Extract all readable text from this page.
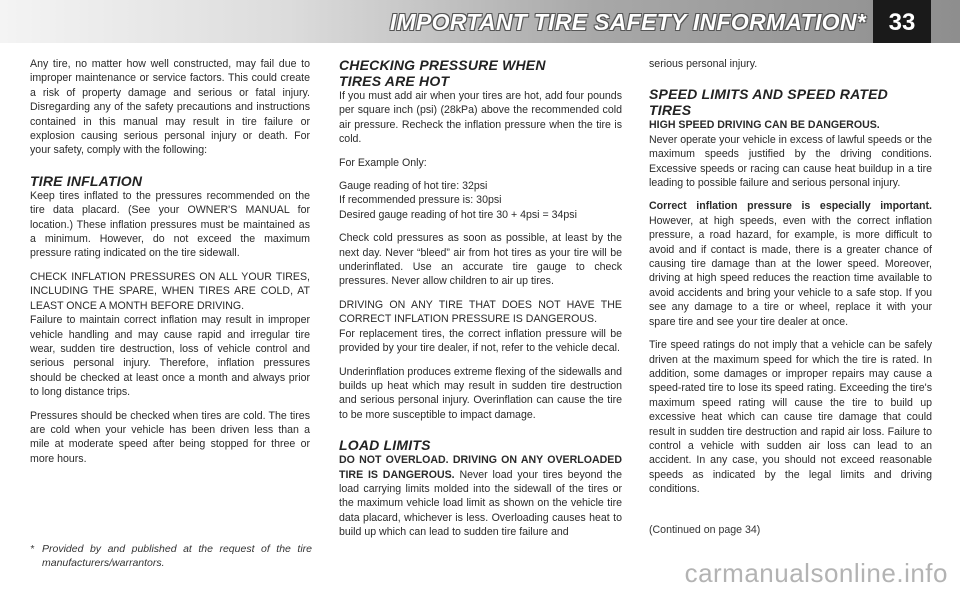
IMPORTANT TIRE SAFETY INFORMATION* 33

Any tire, no matter how well constructed, may fail due to improper maintenance or service factors. This could create a risk of property damage and serious or fatal injury. Disregarding any of the safety precautions and instructions contained in this manual may result in tire failure or explosion causing serious personal injury or death. For your safety, comply with the following:

TIRE INFLATION

Keep tires inflated to the pressures recommended on the tire data placard. (See your OWNER'S MANUAL for location.) These inflation pressures must be maintained as a minimum. However, do not exceed the maximum pressure rating indicated on the tire sidewall.

CHECK INFLATION PRESSURES ON ALL YOUR TIRES, INCLUDING THE SPARE, WHEN TIRES ARE COLD, AT LEAST ONCE A MONTH BEFORE DRIVING.

Failure to maintain correct inflation may result in improper vehicle handling and may cause rapid and irregular tire wear, sudden tire destruction, loss of vehicle control and serious personal injury. Therefore, inflation pressures should be checked at least once a month and always prior to long distance trips.

Pressures should be checked when tires are cold. The tires are cold when your vehicle has been driven less than a mile at moderate speed after being stopped for three or more hours.

CHECKING PRESSURE WHEN
TIRES ARE HOT

If you must add air when your tires are hot, add four pounds per square inch (psi) (28kPa) above the recommended cold air pressure. Recheck the inflation pressure when the tire is cold.

For Example Only:

Gauge reading of hot tire: 32psi

If recommended pressure is: 30psi

Desired gauge reading of hot tire 30 + 4psi = 34psi

Check cold pressures as soon as possible, at least by the next day. Never “bleed” air from hot tires as your tire will be underinflated. Use an accurate tire gauge to check pressures. Never allow children to air up tires.

DRIVING ON ANY TIRE THAT DOES NOT HAVE THE CORRECT INFLATION PRESSURE IS DANGEROUS.

For replacement tires, the correct inflation pressure will be provided by your tire dealer, if not, refer to the vehicle decal.

Underinflation produces extreme flexing of the sidewalls and builds up heat which may result in sudden tire destruction and serious personal injury. Overinflation can cause the tire to be more susceptible to impact damage.

LOAD LIMITS

DO NOT OVERLOAD. DRIVING ON ANY OVERLOADED TIRE IS DANGEROUS. Never load your tires beyond the load carrying limits molded into the sidewall of the tires or the maximum vehicle load limit as shown on the vehicle tire data placard, whichever is less. Overloading causes heat to build up which can lead to sudden tire failure and

serious personal injury.

SPEED LIMITS AND SPEED RATED
TIRES

HIGH SPEED DRIVING CAN BE DANGEROUS.

Never operate your vehicle in excess of lawful speeds or the maximum speeds justified by the driving conditions. Excessive speeds or racing can cause heat buildup in a tire leading to possible failure and serious personal injury.

Correct inflation pressure is especially important. However, at high speeds, even with the correct inflation pressure, a road hazard, for example, is more difficult to avoid and if contact is made, there is a greater chance of causing tire damage than at the lower speed. Moreover, driving at high speed reduces the reaction time available to avoid accidents and bring your vehicle to a safe stop. If you see any damage to a tire or wheel, replace it with your spare tire and see your tire dealer at once.

Tire speed ratings do not imply that a vehicle can be safely driven at the maximum speed for which the tire is rated. In addition, some damages or improper repairs may cause a speed-rated tire to lose its speed rating. Exceeding the tire's maximum speed rating will cause the tire to build up excessive heat which can cause tire damage that could result in sudden tire destruction and rapid air loss. Failure to control a vehicle with sudden air loss can lead to an accident. In any case, you should not exceed reasonable speeds as indicated by the legal limits and driving conditions.

(Continued on page 34)
* Provided by and published at the request of the tire manufacturers/warrantors.	carmanualsonline.info
